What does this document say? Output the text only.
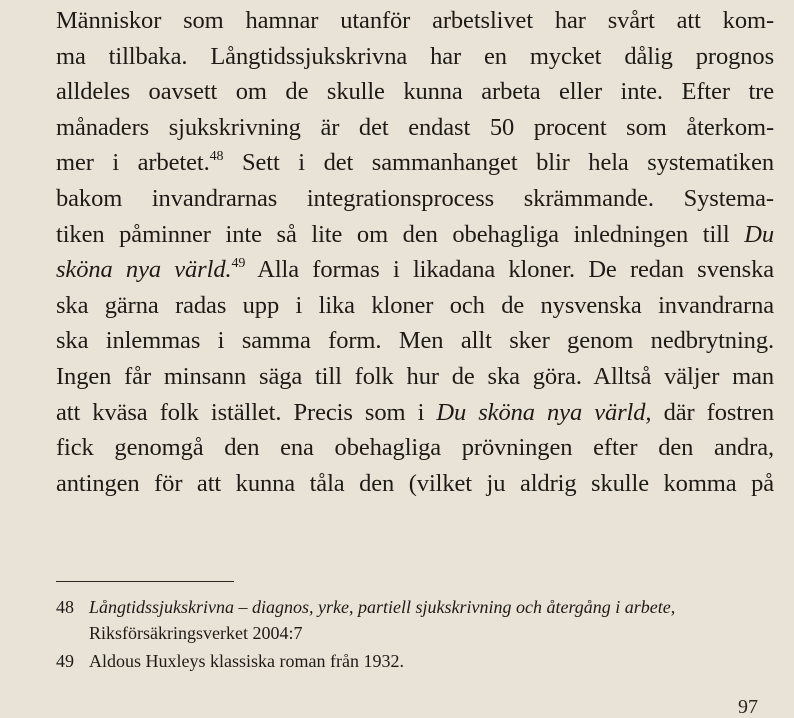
Människor som hamnar utanför arbetslivet har svårt att kom-
ma tillbaka. Långtidssjukskrivna har en mycket dålig prognos
alldeles oavsett om de skulle kunna arbeta eller inte. Efter tre
månaders sjukskrivning är det endast 50 procent som återkom-
mer i arbetet.$^{48}$ Sett i det sammanhanget blir hela systematiken
bakom invandrarnas integrationsprocess skrämmande. Systema-
tiken påminner inte så lite om den obehagliga inledningen till Du
sköna nya värld.$^{49}$ Alla formas i likadana kloner. De redan svenska
ska gärna radas upp i lika kloner och de nysvenska invandrarna
ska inlemmas i samma form. Men allt sker genom nedbrytning.
Ingen får minsann säga till folk hur de ska göra. Alltså väljer man
att kväsa folk istället. Precis som i Du sköna nya värld, där fostren
fick genomgå den ena obehagliga prövningen efter den andra,
antingen för att kunna tåla den (vilket ju aldrig skulle komma på
48 Långtidssjukskrivna – diagnos, yrke, partiell sjukskrivning och återgång i arbete,
Riksförsäkringsverket 2004:7
49 Aldous Huxleys klassiska roman från 1932.
97
